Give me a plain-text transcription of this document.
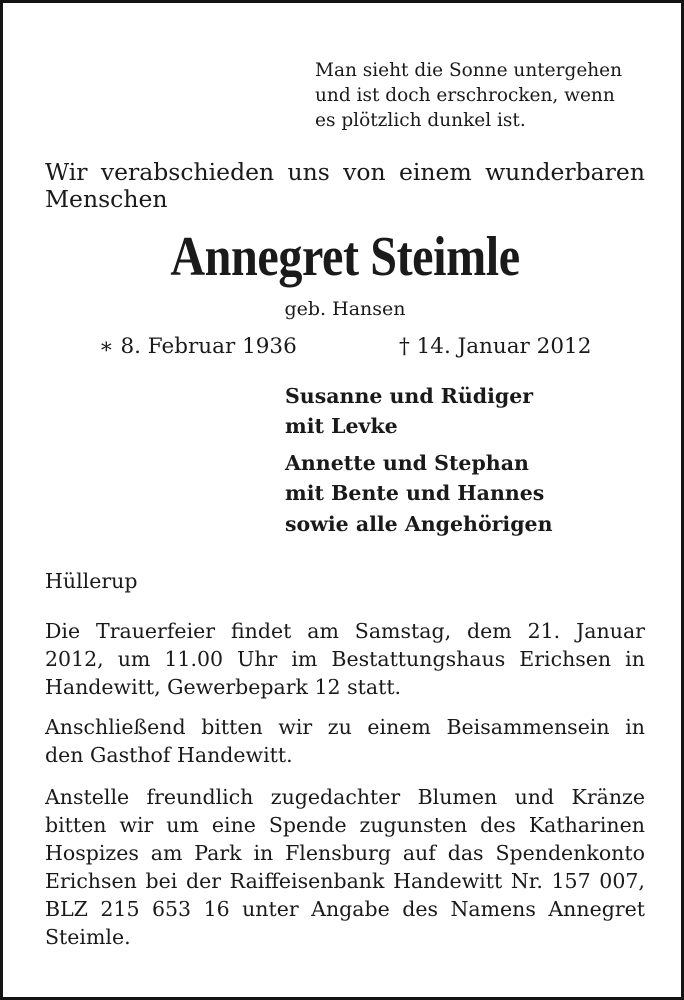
Man sieht die Sonne untergehen
und ist doch erschrocken, wenn
es plötzlich dunkel ist.
Wir verabschieden uns von einem wunderbaren
Menschen
Annegret Steimle
geb. Hansen
∗ 8. Februar 1936	† 14. Januar 2012
Susanne und Rüdiger
mit Levke
Annette und Stephan
mit Bente und Hannes
sowie alle Angehörigen
Hüllerup
Die Trauerfeier findet am Samstag, dem 21. Januar
2012, um 11.00 Uhr im Bestattungshaus Erichsen in
Handewitt, Gewerbepark 12 statt.
Anschließend bitten wir zu einem Beisammensein in
den Gasthof Handewitt.
Anstelle freundlich zugedachter Blumen und Kränze
bitten wir um eine Spende zugunsten des Katharinen
Hospizes am Park in Flensburg auf das Spendenkonto
Erichsen bei der Raiffeisenbank Handewitt Nr. 157 007,
BLZ 215 653 16 unter Angabe des Namens Annegret
Steimle.
